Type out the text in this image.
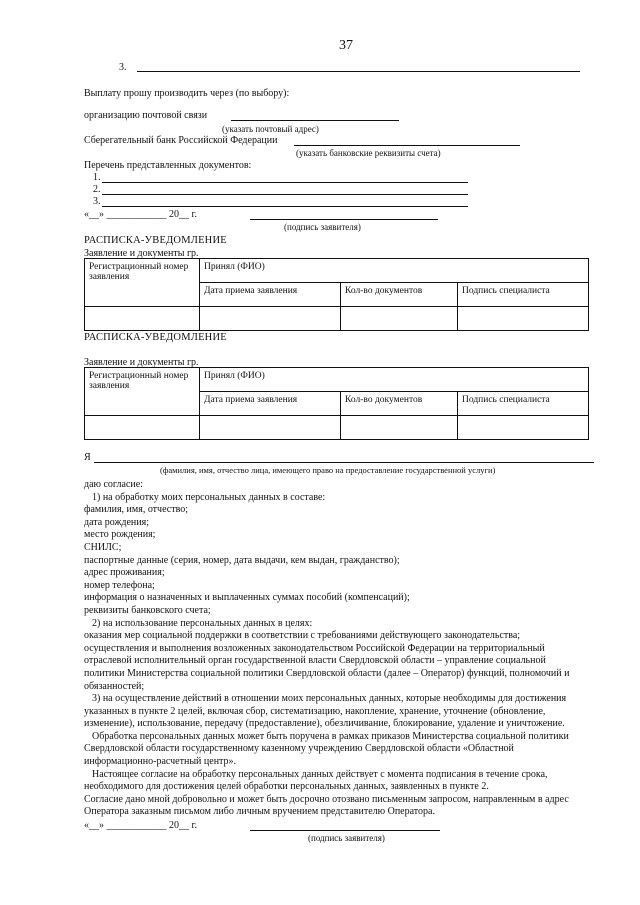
37
3.
Выплату прошу производить через (по выбору):
организацию почтовой связи
(указать почтовый адрес)
Сберегательный банк Российской Федерации
(указать банковские реквизиты счета)
Перечень представленных документов:
1.
2.
3.
«__» ____________ 20__ г.
(подпись заявителя)
РАСПИСКА-УВЕДОМЛЕНИЕ
Заявление и документы гр.
Регистрационный номер заявления	Принял (ФИО)		
	Дата приема заявления	Кол-во документов	Подпись специалиста

РАСПИСКА-УВЕДОМЛЕНИЕ
Заявление и документы гр.
Регистрационный номер заявления	Принял (ФИО)		
	Дата приема заявления	Кол-во документов	Подпись специалиста

Я
(фамилия, имя, отчество лица, имеющего право на предоставление государственной услуги)
даю согласие:
1) на обработку моих персональных данных в составе:
фамилия, имя, отчество;
дата рождения;
место рождения;
СНИЛС;
паспортные данные (серия, номер, дата выдачи, кем выдан, гражданство);
адрес проживания;
номер телефона;
информация о назначенных и выплаченных суммах пособий (компенсаций);
реквизиты банковского счета;
2) на использование персональных данных в целях:
оказания мер социальной поддержки в соответствии с требованиями действующего законодательства;
осуществления и выполнения возложенных законодательством Российской Федерации на территориальный
отраслевой исполнительный орган государственной власти Свердловской области – управление социальной
политики Министерства социальной политики Свердловской области (далее – Оператор) функций, полномочий и
обязанностей;
3) на осуществление действий в отношении моих персональных данных, которые необходимы для достижения
указанных в пункте 2 целей, включая сбор, систематизацию, накопление, хранение, уточнение (обновление,
изменение), использование, передачу (предоставление), обезличивание, блокирование, удаление и уничтожение.
Обработка персональных данных может быть поручена в рамках приказов Министерства социальной политики
Свердловской области государственному казенному учреждению Свердловской области «Областной
информационно-расчетный центр».
Настоящее согласие на обработку персональных данных действует с момента подписания в течение срока,
необходимого для достижения целей обработки персональных данных, заявленных в пункте 2.
Согласие дано мной добровольно и может быть досрочно отозвано письменным запросом, направленным в адрес
Оператора заказным письмом либо личным вручением представителю Оператора.
«__» ____________ 20__ г.
(подпись заявителя)
